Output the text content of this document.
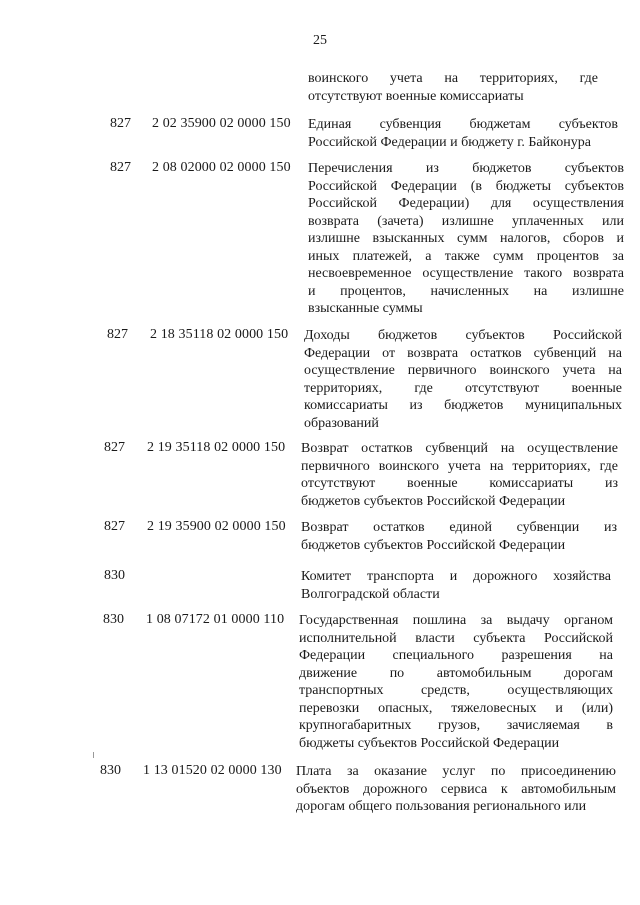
25
воинского учета на территориях, где
отсутствуют военные комиссариаты
827 2 02 35900 02 0000 150 Единая субвенция бюджетам субъектов
Российской Федерации и бюджету г. Байконура
827 2 08 02000 02 0000 150 Перечисления из бюджетов субъектов
Российской Федерации (в бюджеты субъектов
Российской Федерации) для осуществления
возврата (зачета) излишне уплаченных или
излишне взысканных сумм налогов, сборов и
иных платежей, а также сумм процентов за
несвоевременное осуществление такого возврата
и процентов, начисленных на излишне
взысканные суммы
827 2 18 35118 02 0000 150 Доходы бюджетов субъектов Российской
Федерации от возврата остатков субвенций на
осуществление первичного воинского учета на
территориях, где отсутствуют военные
комиссариаты из бюджетов муниципальных
образований
827 2 19 35118 02 0000 150 Возврат остатков субвенций на осуществление
первичного воинского учета на территориях, где
отсутствуют военные комиссариаты из
бюджетов субъектов Российской Федерации
827 2 19 35900 02 0000 150 Возврат остатков единой субвенции из
бюджетов субъектов Российской Федерации
830	Комитет транспорта и дорожного хозяйства
Волгоградской области
830 1 08 07172 01 0000 110 Государственная пошлина за выдачу органом
исполнительной власти субъекта Российской
Федерации специального разрешения на
движение по автомобильным дорогам
транспортных средств, осуществляющих
перевозки опасных, тяжеловесных и (или)
крупногабаритных грузов, зачисляемая в
бюджеты субъектов Российской Федерации
830 1 13 01520 02 0000 130 Плата за оказание услуг по присоединению
объектов дорожного сервиса к автомобильным
дорогам общего пользования регионального или
